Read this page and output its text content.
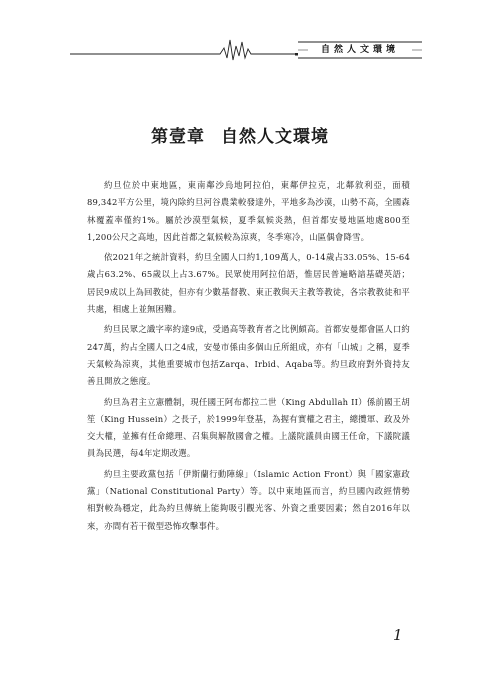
自然人文環境
第壹章 自然人文環境

約旦位於中東地區，東南鄰沙烏地阿拉伯，東鄰伊拉克，北鄰敘利亞，面積89,342平方公里，境內除約旦河谷農業較發達外，平地多為沙漠，山勢不高，全國森林覆蓋率僅約1%。屬於沙漠型氣候，夏季氣候炎熱，但首都安曼地區地處800至1,200公尺之高地，因此首都之氣候較為涼爽，冬季寒冷，山區偶會降雪。

依2021年之統計資料，約旦全國人口約1,109萬人，0-14歲占33.05%、15-64歲占63.2%、65歲以上占3.67%。民眾使用阿拉伯語，惟居民普遍略諳基礎英語；居民9成以上為回教徒，但亦有少數基督教、東正教與天主教等教徒，各宗教教徒和平共處，相處上並無困難。

約旦民眾之識字率約達9成，受過高等教育者之比例頗高。首都安曼都會區人口約247萬，約占全國人口之4成，安曼市係由多個山丘所組成，亦有「山城」之稱，夏季天氣較為涼爽，其他重要城市包括Zarqa、Irbid、Aqaba等。約旦政府對外資持友善且開放之態度。

約旦為君主立憲體制，現任國王阿布都拉二世（King Abdullah II）係前國王胡笙（King Hussein）之長子，於1999年登基，為握有實權之君主，總攬軍、政及外交大權，並擁有任命總理、召集與解散國會之權。上議院議員由國王任命，下議院議員為民選，每4年定期改選。

約旦主要政黨包括「伊斯蘭行動陣線」（Islamic Action Front）與「國家憲政黨」（National Constitutional Party）等。以中東地區而言，約旦國內政經情勢相對較為穩定，此為約旦傳統上能夠吸引觀光客、外資之重要因素；然自2016年以來，亦間有若干微型恐怖攻擊事件。

1
